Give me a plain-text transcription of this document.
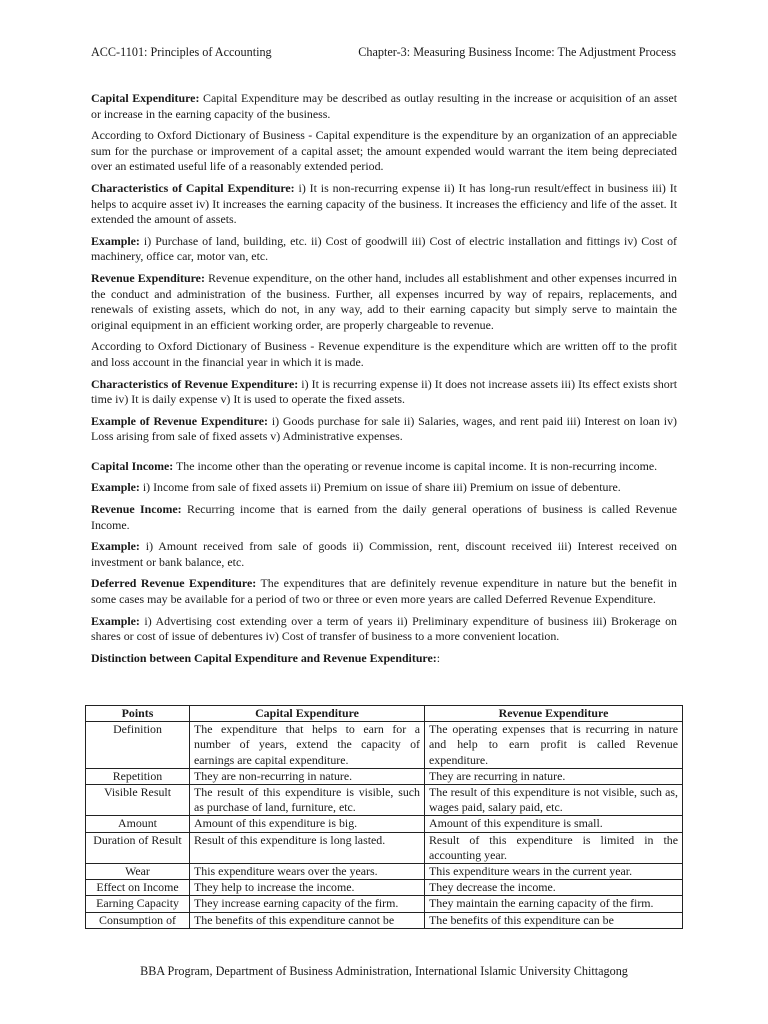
ACC-1101: Principles of Accounting	Chapter-3: Measuring Business Income: The Adjustment Process

Capital Expenditure: Capital Expenditure may be described as outlay resulting in the increase or acquisition of an asset or increase in the earning capacity of the business.

According to Oxford Dictionary of Business - Capital expenditure is the expenditure by an organization of an appreciable sum for the purchase or improvement of a capital asset; the amount expended would warrant the item being depreciated over an estimated useful life of a reasonably extended period.

Characteristics of Capital Expenditure: i) It is non-recurring expense ii) It has long-run result/effect in business iii) It helps to acquire asset iv) It increases the earning capacity of the business. It increases the efficiency and life of the asset. It extended the amount of assets.

Example: i) Purchase of land, building, etc. ii) Cost of goodwill iii) Cost of electric installation and fittings iv) Cost of machinery, office car, motor van, etc.

Revenue Expenditure: Revenue expenditure, on the other hand, includes all establishment and other expenses incurred in the conduct and administration of the business. Further, all expenses incurred by way of repairs, replacements, and renewals of existing assets, which do not, in any way, add to their earning capacity but simply serve to maintain the original equipment in an efficient working order, are properly chargeable to revenue.

According to Oxford Dictionary of Business - Revenue expenditure is the expenditure which are written off to the profit and loss account in the financial year in which it is made.

Characteristics of Revenue Expenditure: i) It is recurring expense ii) It does not increase assets iii) Its effect exists short time iv) It is daily expense v) It is used to operate the fixed assets.

Example of Revenue Expenditure: i) Goods purchase for sale ii) Salaries, wages, and rent paid iii) Interest on loan iv) Loss arising from sale of fixed assets v) Administrative expenses.

Capital Income: The income other than the operating or revenue income is capital income. It is non-recurring income.

Example: i) Income from sale of fixed assets ii) Premium on issue of share iii) Premium on issue of debenture.

Revenue Income: Recurring income that is earned from the daily general operations of business is called Revenue Income.

Example: i) Amount received from sale of goods ii) Commission, rent, discount received iii) Interest received on investment or bank balance, etc.

Deferred Revenue Expenditure: The expenditures that are definitely revenue expenditure in nature but the benefit in some cases may be available for a period of two or three or even more years are called Deferred Revenue Expenditure.

Example: i) Advertising cost extending over a term of years ii) Preliminary expenditure of business iii) Brokerage on shares or cost of issue of debentures iv) Cost of transfer of business to a more convenient location.

Distinction between Capital Expenditure and Revenue Expenditure::

Points	Capital Expenditure	Revenue Expenditure
Definition	The expenditure that helps to earn for a number of years, extend the capacity of earnings are capital expenditure.	The operating expenses that is recurring in nature and help to earn profit is called Revenue expenditure.
Repetition	They are non-recurring in nature.	They are recurring in nature.
Visible Result	The result of this expenditure is visible, such as purchase of land, furniture, etc.	The result of this expenditure is not visible, such as, wages paid, salary paid, etc.
Amount	Amount of this expenditure is big.	Amount of this expenditure is small.
Duration of Result	Result of this expenditure is long lasted.	Result of this expenditure is limited in the accounting year.
Wear	This expenditure wears over the years.	This expenditure wears in the current year.
Effect on Income	They help to increase the income.	They decrease the income.
Earning Capacity	They increase earning capacity of the firm.	They maintain the earning capacity of the firm.
Consumption of	The benefits of this expenditure cannot be	The benefits of this expenditure can be
BBA Program, Department of Business Administration, International Islamic University Chittagong
